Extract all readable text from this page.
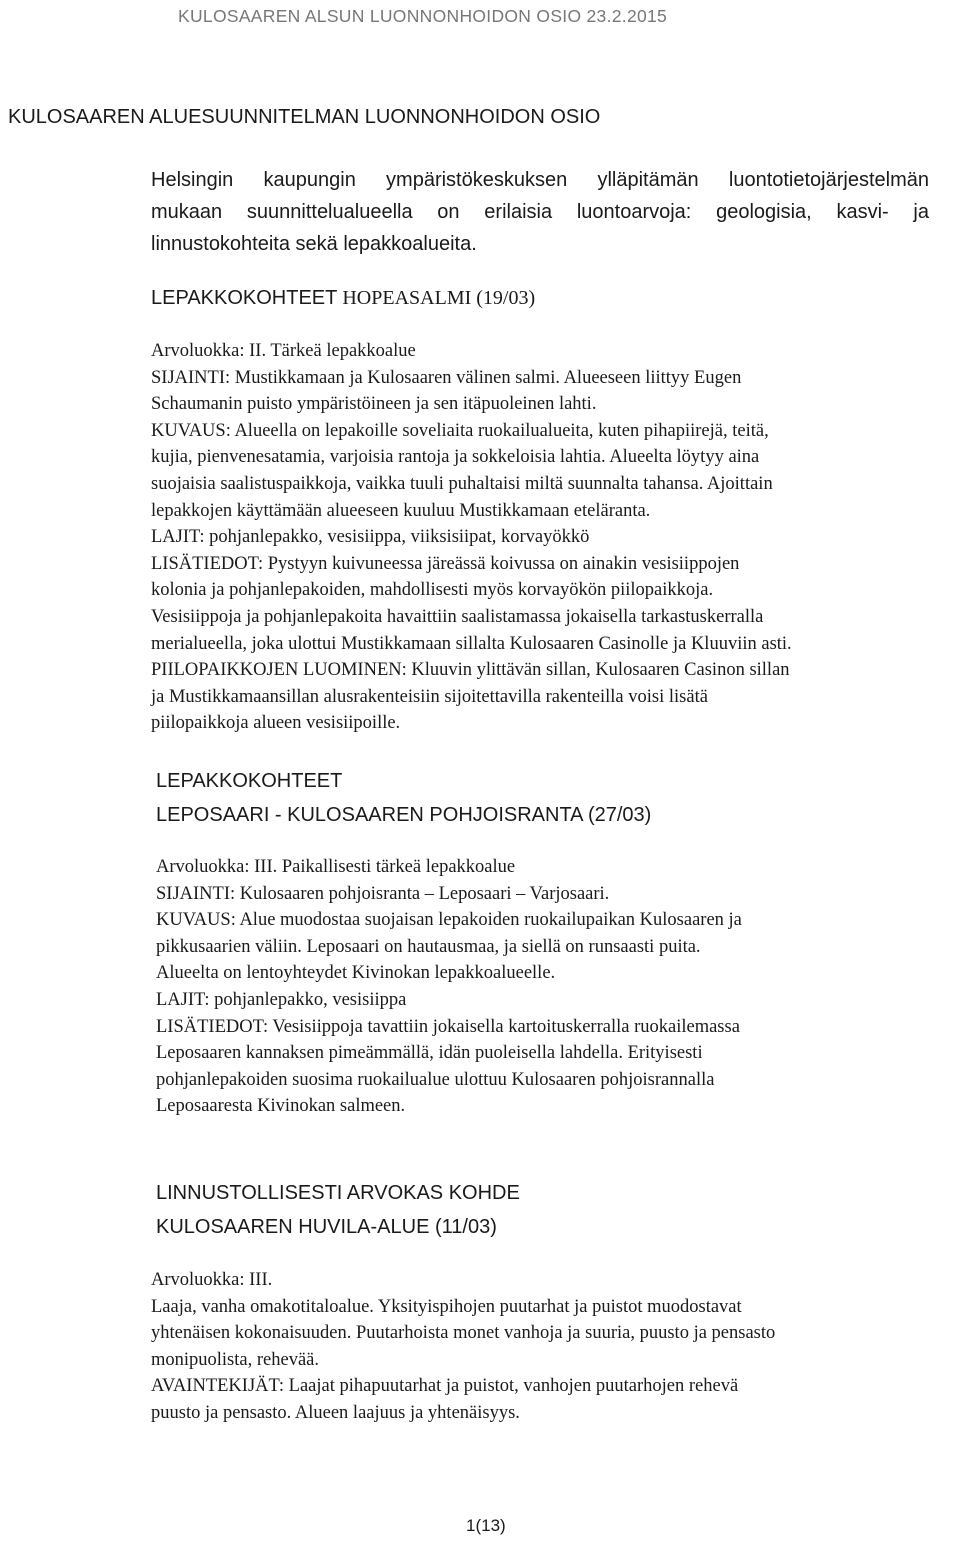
KULOSAAREN ALSUN LUONNONHOIDON OSIO 23.2.2015
KULOSAAREN ALUESUUNNITELMAN LUONNONHOIDON OSIO
Helsingin kaupungin ympäristökeskuksen ylläpitämän luontotietojärjestelmän
mukaan suunnittelualueella on erilaisia luontoarvoja: geologisia, kasvi- ja
linnustokohteita sekä lepakkoalueita.
LEPAKKOKOHTEET HOPEASALMI (19/03)
Arvoluokka: II. Tärkeä lepakkoalue
SIJAINTI: Mustikkamaan ja Kulosaaren välinen salmi. Alueeseen liittyy Eugen
Schaumanin puisto ympäristöineen ja sen itäpuoleinen lahti.
KUVAUS: Alueella on lepakoille soveliaita ruokailualueita, kuten pihapiirejä, teitä,
kujia, pienvenesatamia, varjoisia rantoja ja sokkeloisia lahtia. Alueelta löytyy aina
suojaisia saalistuspaikkoja, vaikka tuuli puhaltaisi miltä suunnalta tahansa. Ajoittain
lepakkojen käyttämään alueeseen kuuluu Mustikkamaan eteläranta.
LAJIT: pohjanlepakko, vesisiippa, viiksisiipat, korvayökkö
LISÄTIEDOT: Pystyyn kuivuneessa järeässä koivussa on ainakin vesisiippojen
kolonia ja pohjanlepakoiden, mahdollisesti myös korvayökön piilopaikkoja.
Vesisiippoja ja pohjanlepakoita havaittiin saalistamassa jokaisella tarkastuskerralla
merialueella, joka ulottui Mustikkamaan sillalta Kulosaaren Casinolle ja Kluuviin asti.
PIILOPAIKKOJEN LUOMINEN: Kluuvin ylittävän sillan, Kulosaaren Casinon sillan
ja Mustikkamaansillan alusrakenteisiin sijoitettavilla rakenteilla voisi lisätä
piilopaikkoja alueen vesisiipoille.
LEPAKKOKOHTEET
LEPOSAARI - KULOSAAREN POHJOISRANTA (27/03)
Arvoluokka: III. Paikallisesti tärkeä lepakkoalue
SIJAINTI: Kulosaaren pohjoisranta – Leposaari – Varjosaari.
KUVAUS: Alue muodostaa suojaisan lepakoiden ruokailupaikan Kulosaaren ja
pikkusaarien väliin. Leposaari on hautausmaa, ja siellä on runsaasti puita.
Alueelta on lentoyhteydet Kivinokan lepakkoalueelle.
LAJIT: pohjanlepakko, vesisiippa
LISÄTIEDOT: Vesisiippoja tavattiin jokaisella kartoituskerralla ruokailemassa
Leposaaren kannaksen pimeämmällä, idän puoleisella lahdella. Erityisesti
pohjanlepakoiden suosima ruokailualue ulottuu Kulosaaren pohjoisrannalla
Leposaaresta Kivinokan salmeen.
LINNUSTOLLISESTI ARVOKAS KOHDE
KULOSAAREN HUVILA-ALUE (11/03)
Arvoluokka: III.
Laaja, vanha omakotitaloalue. Yksityispihojen puutarhat ja puistot muodostavat
yhtenäisen kokonaisuuden. Puutarhoista monet vanhoja ja suuria, puusto ja pensasto
monipuolista, rehevää.
AVAINTEKIJÄT: Laajat pihapuutarhat ja puistot, vanhojen puutarhojen rehevä
puusto ja pensasto. Alueen laajuus ja yhtenäisyys.
1(13)
